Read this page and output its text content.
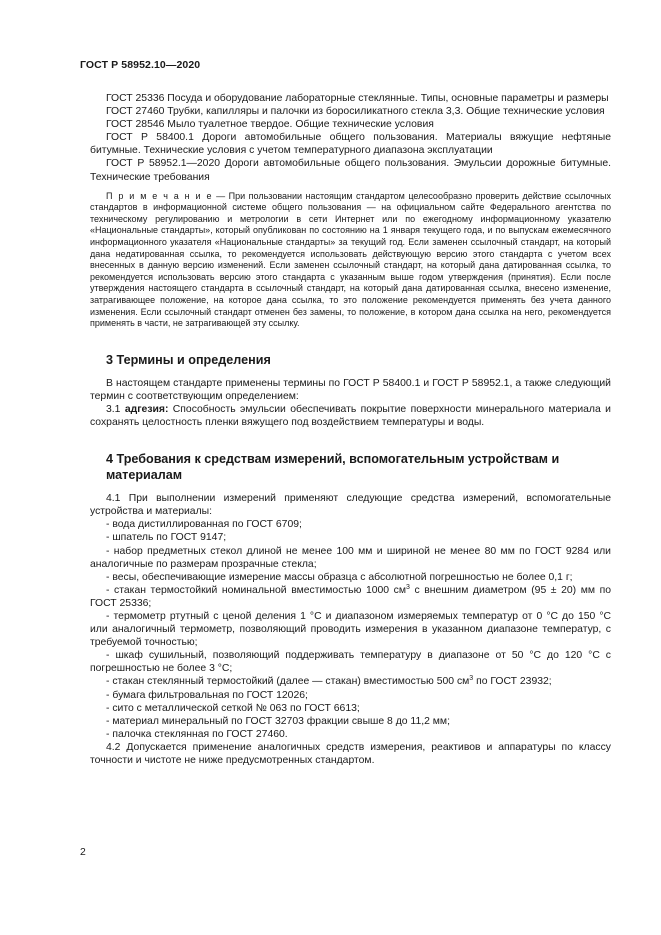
ГОСТ Р 58952.10—2020

ГОСТ 25336 Посуда и оборудование лабораторные стеклянные. Типы, основные параметры и размеры

ГОСТ 27460 Трубки, капилляры и палочки из боросиликатного стекла 3,3. Общие технические условия

ГОСТ 28546 Мыло туалетное твердое. Общие технические условия

ГОСТ Р 58400.1 Дороги автомобильные общего пользования. Материалы вяжущие нефтяные битумные. Технические условия с учетом температурного диапазона эксплуатации

ГОСТ Р 58952.1—2020 Дороги автомобильные общего пользования. Эмульсии дорожные битумные. Технические требования

П р и м е ч а н и е — При пользовании настоящим стандартом целесообразно проверить действие ссылочных стандартов в информационной системе общего пользования — на официальном сайте Федерального агентства по техническому регулированию и метрологии в сети Интернет или по ежегодному информационному указателю «Национальные стандарты», который опубликован по состоянию на 1 января текущего года, и по выпускам ежемесячного информационного указателя «Национальные стандарты» за текущий год. Если заменен ссылочный стандарт, на который дана недатированная ссылка, то рекомендуется использовать действующую версию этого стандарта с учетом всех внесенных в данную версию изменений. Если заменен ссылочный стандарт, на который дана датированная ссылка, то рекомендуется использовать версию этого стандарта с указанным выше годом утверждения (принятия). Если после утверждения настоящего стандарта в ссылочный стандарт, на который дана датированная ссылка, внесено изменение, затрагивающее положение, на которое дана ссылка, то это положение рекомендуется применять без учета данного изменения. Если ссылочный стандарт отменен без замены, то положение, в котором дана ссылка на него, рекомендуется применять в части, не затрагивающей эту ссылку.

3 Термины и определения

В настоящем стандарте применены термины по ГОСТ Р 58400.1 и ГОСТ Р 58952.1, а также следующий термин с соответствующим определением:

3.1 адгезия: Способность эмульсии обеспечивать покрытие поверхности минерального материала и сохранять целостность пленки вяжущего под воздействием температуры и воды.

4 Требования к средствам измерений, вспомогательным устройствам и материалам

4.1 При выполнении измерений применяют следующие средства измерений, вспомогательные устройства и материалы:

- вода дистиллированная по ГОСТ 6709;

- шпатель по ГОСТ 9147;

- набор предметных стекол длиной не менее 100 мм и шириной не менее 80 мм по ГОСТ 9284 или аналогичные по размерам прозрачные стекла;

- весы, обеспечивающие измерение массы образца с абсолютной погрешностью не более 0,1 г;

- стакан термостойкий номинальной вместимостью 1000 $см^3$ с внешним диаметром (95 ± 20) мм по ГОСТ 25336;

- термометр ртутный с ценой деления 1 °С и диапазоном измеряемых температур от 0 °С до 150 °С или аналогичный термометр, позволяющий проводить измерения в указанном диапазоне температур, с требуемой точностью;

- шкаф сушильный, позволяющий поддерживать температуру в диапазоне от 50 °С до 120 °С с погрешностью не более 3 °С;

- стакан стеклянный термостойкий (далее — стакан) вместимостью 500 $см^3$ по ГОСТ 23932;

- бумага фильтровальная по ГОСТ 12026;

- сито с металлической сеткой № 063 по ГОСТ 6613;

- материал минеральный по ГОСТ 32703 фракции свыше 8 до 11,2 мм;

- палочка стеклянная по ГОСТ 27460.

4.2 Допускается применение аналогичных средств измерения, реактивов и аппаратуры по классу точности и чистоте не ниже предусмотренных стандартом.

2
